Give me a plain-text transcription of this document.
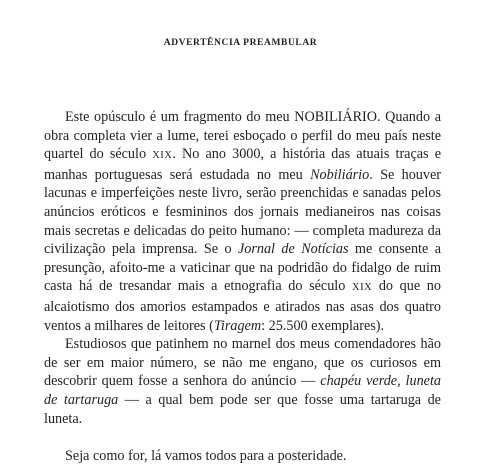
ADVERTÊNCIA PREAMBULAR

Este opúsculo é um fragmento do meu NOBILIÁRIO. Quando a obra completa vier a lume, terei esboçado o perfil do meu país neste quartel do século XIX. No ano 3000, a história das atuais traças e manhas portuguesas será estudada no meu Nobiliário. Se houver lacunas e imperfeições neste livro, serão preenchidas e sanadas pelos anúncios eróticos e fesmininos dos jornais medianeiros nas coisas mais secretas e delicadas do peito humano: — completa madureza da civilização pela imprensa. Se o Jornal de Notícias me consente a presunção, afoito-me a vaticinar que na podridão do fidalgo de ruim casta há de tresandar mais a etnografia do século XIX do que no alcaiotismo dos amorios estampados e atirados nas asas dos quatro ventos a milhares de leitores (Tiragem: 25.500 exemplares).

Estudiosos que patinhem no marnel dos meus comendadores hão de ser em maior número, se não me engano, que os curiosos em descobrir quem fosse a senhora do anúncio — chapéu verde, luneta de tartaruga — a qual bem pode ser que fosse uma tartaruga de luneta.

Seja como for, lá vamos todos para a posteridade.
